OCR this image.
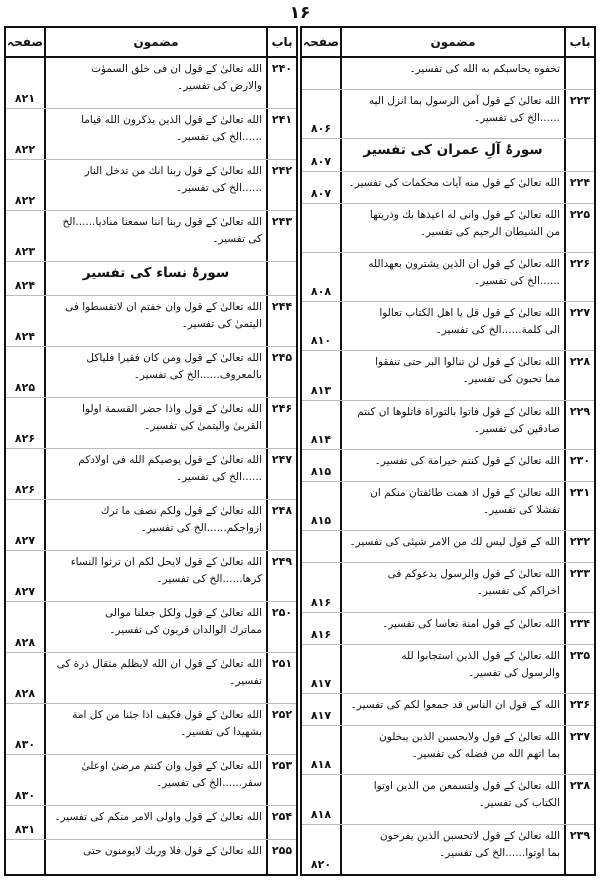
۱۶
باب
مضمون
صفحہ
تخفوه يحاسبكم به الله كی تفسير۔
۲۲۳
الله تعالیٰ كے قول آمن الرسول بما انزل اليه
......الخ كی تفسير۔
۸۰۶
سورۂ آلِ عمران كی تفسير
۸۰۷
۲۲۴
الله تعالیٰ كے قول منه آيات محكمات كی تفسير۔
۸۰۷
۲۲۵
الله تعالیٰ كے قول وانی له اعيذها بك وذريتها
من الشيطان الرجيم كی تفسير۔
۲۲۶
الله تعالیٰ كے قول ان الذين يشترون بعهدالله
......الخ كی تفسير۔
۸۰۸
۲۲۷
الله تعالیٰ كے قول قل يا اهل الكتاب تعالوا
الی كلمة......الخ كی تفسير۔
۸۱۰
۲۲۸
الله تعالیٰ كے قول لن تنالوا البر حتی تنفقوا
مما تحبون كی تفسير۔
۸۱۳
۲۲۹
الله تعالیٰ كے قول فاتوا بالتوراة فاتلوها ان كنتم
صادقين كی تفسير۔
۸۱۴
۲۳۰
الله تعالیٰ كے قول كنتم خيرامة كی تفسير۔
۸۱۵
۲۳۱
الله تعالیٰ كے قول اذ همت طائفتان منكم ان
تفشلا كی تفسير۔
۸۱۵
۲۳۲
الله كے قول ليس لك من الامر شيئی كی تفسير۔
۲۳۳
الله تعالیٰ كے قول والرسول يدعوكم فی
اخراكم كی تفسير۔
۸۱۶
۲۳۴
الله تعالیٰ كے قول امنة نعاسا كی تفسير۔
۸۱۶
۲۳۵
الله تعالیٰ كے قول الذين استجابوا لله
والرسول كی تفسير۔
۸۱۷
۲۳۶
الله كے قول ان الناس قد جمعوا لكم كی تفسير۔
۸۱۷
۲۳۷
الله تعالیٰ كے قول ولايحسبن الذين يبخلون
بما اتهم الله من فضله كی تفسير۔
۸۱۸
۲۳۸
الله تعالیٰ كے قول ولتسمعن من الذين اوتوا
الكتاب كی تفسير۔
۸۱۸
۲۳۹
الله تعالیٰ كے قول لاتحسبن الذين يفرحون
بما اوتوا......الخ كی تفسير۔
۸۲۰
باب
مضمون
صفحہ
۲۴۰
الله تعالیٰ كے قول ان فی خلق السموٰت
والارض كی تفسير۔
۸۲۱
۲۴۱
الله تعالیٰ كے قول الذين يذكرون الله قياما
......الخ كی تفسير۔
۸۲۲
۲۴۲
الله تعالیٰ كے قول ربنا انك من تدخل النار
......الخ كی تفسير۔
۸۲۲
۲۴۳
الله تعالیٰ كے قول ربنا اننا سمعنا مناديا......الخ
كی تفسير۔
۸۲۳
سورۂ نساء كی تفسير
۸۲۴
۲۴۴
الله تعالیٰ كے قول وان خفتم ان لاتقسطوا فی
اليتمیٰ كی تفسير۔
۸۲۴
۲۴۵
الله تعالیٰ كے قول ومن كان فقيرا فلياكل
بالمعروف......الخ كی تفسير۔
۸۲۵
۲۴۶
الله تعالیٰ كے قول واذا حضر القسمة اولوا
القربیٰ واليتمیٰ كی تفسير۔
۸۲۶
۲۴۷
الله تعالیٰ كے قول يوصيكم الله فی اولادكم
......الخ كی تفسير۔
۸۲۶
۲۴۸
الله تعالیٰ كے قول ولكم نصف ما ترك
ازواجكم......الخ كی تفسير۔
۸۲۷
۲۴۹
الله تعالیٰ كے قول لايحل لكم ان ترثوا النساء
كرها......الخ كی تفسير۔
۸۲۷
۲۵۰
الله تعالیٰ كے قول ولكل جعلنا موالی
مماترك الوالدان قربون كی تفسير۔
۸۲۸
۲۵۱
الله تعالیٰ كے قول ان الله لايظلم مثقال ذرة كی
تفسير۔
۸۲۸
۲۵۲
الله تعالیٰ كے قول فكيف اذا جئنا من كل امة
بشهيدا كی تفسير۔
۸۳۰
۲۵۳
الله تعالیٰ كے قول وان كنتم مرضیٰ اوعلیٰ
سفر......الخ كی تفسير۔
۸۳۰
۲۵۴
الله تعالیٰ كے قول واولی الامر منكم كی تفسير۔
۸۳۱
۲۵۵
الله تعالیٰ كے قول فلا وربك لايومنون حتی
